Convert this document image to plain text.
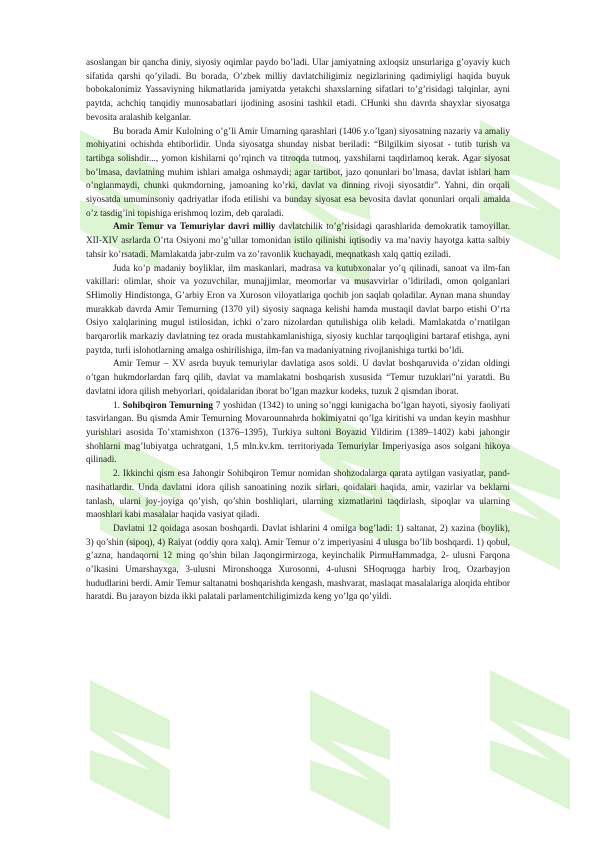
asoslangan bir qancha diniy, siyosiy oqimlar paydo bo’ladi. Ular jamiyatning axloqsiz unsurlariga g’oyaviy kuch sifatida qarshi qo’yiladi. Bu borada, O’zbek milliy davlatchiligimiz negizlarining qadimiyligi haqida buyuk bobokalonimiz Yassaviyning hikmatlarida jamiyatda yetakchi shaxslarning sifatlari to’g’risidagi talqinlar, ayni paytda, achchiq tanqidiy munosabatlari ijodining asosini tashkil etadi. CHunki shu davrda shayxlar siyosatga bevosita aralashib kelganlar.

Bu borada Amir Kulolning o’g’li Amir Umarning qarashlari (1406 y.o’lgan) siyosatning nazariy va amaliy mohiyatini ochishda ehtiborlidir. Unda siyosatga shunday nisbat beriladi: “Bilgilkim siyosat - tutib turish va tartibga solishdir..., yomon kishilarni qo’rqinch va titroqda tutmoq, yaxshilarni taqdirlamoq kerak. Agar siyosat bo’lmasa, davlatning muhim ishlari amalga oshmaydi; agar tartibot, jazo qonunlari bo’lmasa, davlat ishlari ham o’nglanmaydi, chunki qukmdorning, jamoaning ko’rki, davlat va dinning rivoji siyosatdir”. Yahni, din orqali siyosatda umuminsoniy qadriyatlar ifoda etilishi va bunday siyosat esa bevosita davlat qonunlari orqali amalda o’z tasdig’ini topishiga erishmoq lozim, deb qaraladi.

Amir Temur va Temuriylar davri milliy davlatchilik to’g’risidagi qarashlarida demokratik tamoyillar. XII-XIV asrlarda O’rta Osiyoni mo’g’ullar tomonidan istilo qilinishi iqtisodiy va ma’naviy hayotga katta salbiy tahsir ko’rsatadi. Mamlakatda jabr-zulm va zo’ravonlik kuchayadi, meqnatkash xalq qattiq eziladi.

Juda ko’p madaniy boyliklar, ilm maskanlari, madrasa va kutubxonalar yo’q qilinadi, sanoat va ilm-fan vakillari: olimlar, shoir va yozuvchilar, munajjimlar, meomorlar va musavvirlar o’ldiriladi, omon qolganlari SHimoliy Hindistonga, G’arbiy Eron va Xuroson viloyatlariga qochib jon saqlab qoladilar. Aynan mana shunday murakkab davrda Amir Temurning (1370 yil) siyosiy saqnaga kelishi hamda mustaqil davlat barpo etishi O’rta Osiyo xalqlarining mugul istilosidan, ichki o’zaro nizolardan qutulishiga olib keladi. Mamlakatda o’rnatilgan barqarorlik markaziy davlatning tez orada mustahkamlanishiga, siyosiy kuchlar tarqoqligini bartaraf etishga, ayni paytda, turli islohotlarning amalga oshirilishiga, ilm-fan va madaniyatning rivojlanishiga turtki bo’ldi.

Amir Temur – XV asrda buyuk temuriylar davlatiga asos soldi. U davlat boshqaruvida o’zidan oldingi o’tgan hukmdorlardan farq qilib, davlat va mamlakatni boshqarish xususida “Temur tuzuklari”ni yaratdi. Bu davlatni idora qilish mehyorlari, qoidalaridan iborat bo’lgan mazkur kodeks, tuzuk 2 qismdan iborat.

1. Sohibqiron Temurning 7 yoshidan (1342) to uning so’nggi kunigacha bo’lgan hayoti, siyosiy faoliyati tasvirlangan. Bu qismda Amir Temurning Movarounnahrda hokimiyatni qo’lga kiritishi va undan keyin mashhur yurishlari asosida To’xtamishxon (1376–1395), Turkiya sultoni Boyazid Yildirim (1389–1402) kabi jahongir shohlarni mag’lubiyatga uchratgani, 1,5 mln.kv.km. territoriyada Temuriylar Imperiyasiga asos solgani hikoya qilinadi.

2. Ikkinchi qism esa Jahongir Sohibqiron Temur nomidan shohzodalarga qarata aytilgan vasiyatlar, pand-nasihatlardir. Unda davlatni idora qilish sanoatining nozik sirlari, qoidalari haqida, amir, vazirlar va beklarni tanlash, ularni joy-joyiga qo’yish, qo’shin boshliqlari, ularning xizmatlarini taqdirlash, sipoqlar va ularning maoshlari kabi masalalar haqida vasiyat qiladi.

Davlatni 12 qoidaga asosan boshqardi. Davlat ishlarini 4 omilga bog’ladi: 1) saltanat, 2) xazina (boylik), 3) qo’shin (sipoq), 4) Raiyat (oddiy qora xalq). Amir Temur o’z imperiyasini 4 ulusga bo’lib boshqardi. 1) qobul, g’azna, handaqorni 12 ming qo’shin bilan Jaqongirmirzoga, keyinchalik PirmuHammadga, 2- ulusni Farqona o’lkasini Umarshayxga, 3-ulusni Mironshoqga Xurosonni, 4-ulusni SHoqruqga harbiy Iroq, Ozarbayjon hududlarini berdi. Amir Temur saltanatni boshqarishda kengash, mashvarat, maslaqat masalalariga aloqida ehtibor haratdi. Bu jarayon bizda ikki palatali parlamentchiligimizda keng yo’lga qo’yildi.
